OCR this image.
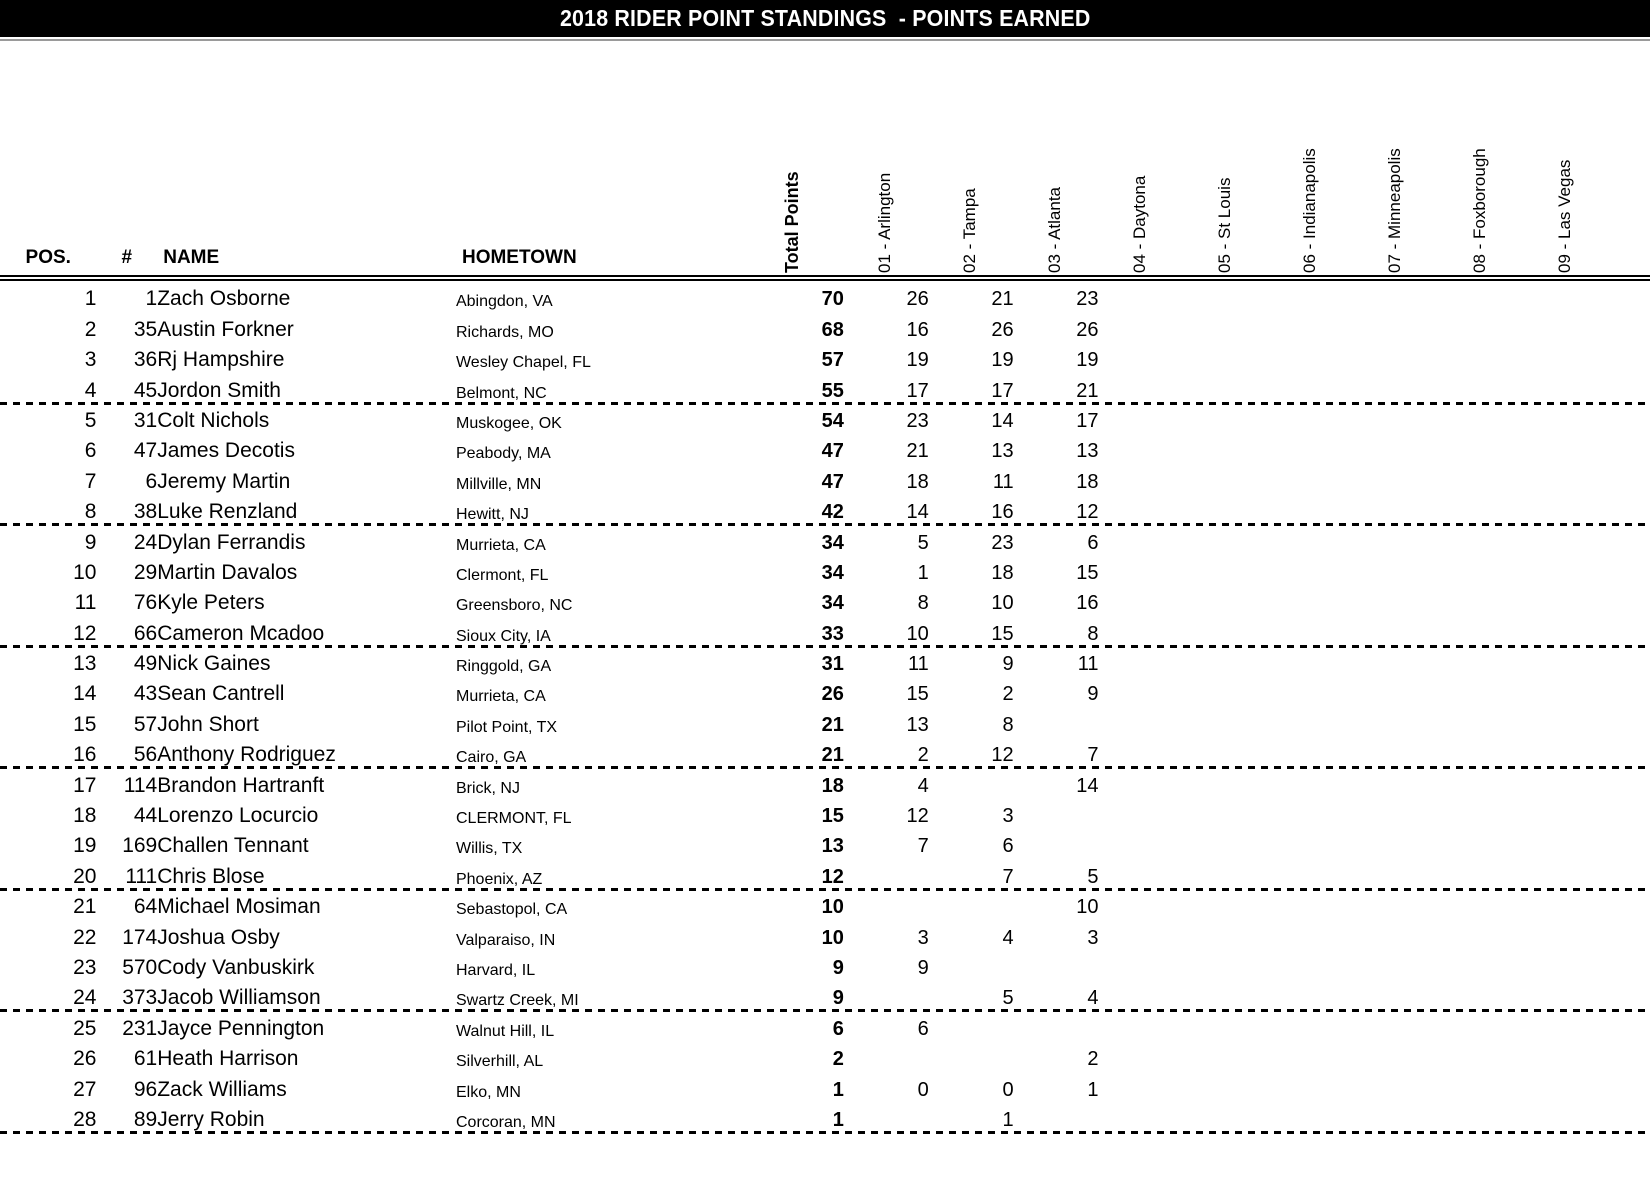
2018 RIDER POINT STANDINGS  - POINTS EARNED
POS.	#	NAME	HOMETOWN	Total Points	01 - Arlington	02 - Tampa	03 - Atlanta	04 - Daytona	05 - St Louis	06 - Indianapolis	07 - Minneapolis	08 - Foxborough	09 - Las Vegas	

1	1	Zach Osborne	Abingdon, VA	70	26	21	23							
2	35	Austin Forkner	Richards, MO	68	16	26	26							
3	36	Rj Hampshire	Wesley Chapel, FL	57	19	19	19							
4	45	Jordon Smith	Belmont, NC	55	17	17	21							
5	31	Colt Nichols	Muskogee, OK	54	23	14	17							
6	47	James Decotis	Peabody, MA	47	21	13	13							
7	6	Jeremy Martin	Millville, MN	47	18	11	18							
8	38	Luke Renzland	Hewitt, NJ	42	14	16	12							
9	24	Dylan Ferrandis	Murrieta, CA	34	5	23	6							
10	29	Martin Davalos	Clermont, FL	34	1	18	15							
11	76	Kyle Peters	Greensboro, NC	34	8	10	16							
12	66	Cameron Mcadoo	Sioux City, IA	33	10	15	8							
13	49	Nick Gaines	Ringgold, GA	31	11	9	11							
14	43	Sean Cantrell	Murrieta, CA	26	15	2	9							
15	57	John Short	Pilot Point, TX	21	13	8								
16	56	Anthony Rodriguez	Cairo, GA	21	2	12	7							
17	114	Brandon Hartranft	Brick, NJ	18	4		14							
18	44	Lorenzo Locurcio	CLERMONT, FL	15	12	3								
19	169	Challen Tennant	Willis, TX	13	7	6								
20	111	Chris Blose	Phoenix, AZ	12		7	5							
21	64	Michael Mosiman	Sebastopol, CA	10			10							
22	174	Joshua Osby	Valparaiso, IN	10	3	4	3							
23	570	Cody Vanbuskirk	Harvard, IL	9	9									
24	373	Jacob Williamson	Swartz Creek, MI	9		5	4							
25	231	Jayce Pennington	Walnut Hill, IL	6	6									
26	61	Heath Harrison	Silverhill, AL	2			2							
27	96	Zack Williams	Elko, MN	1	0	0	1							
28	89	Jerry Robin	Corcoran, MN	1		1								
